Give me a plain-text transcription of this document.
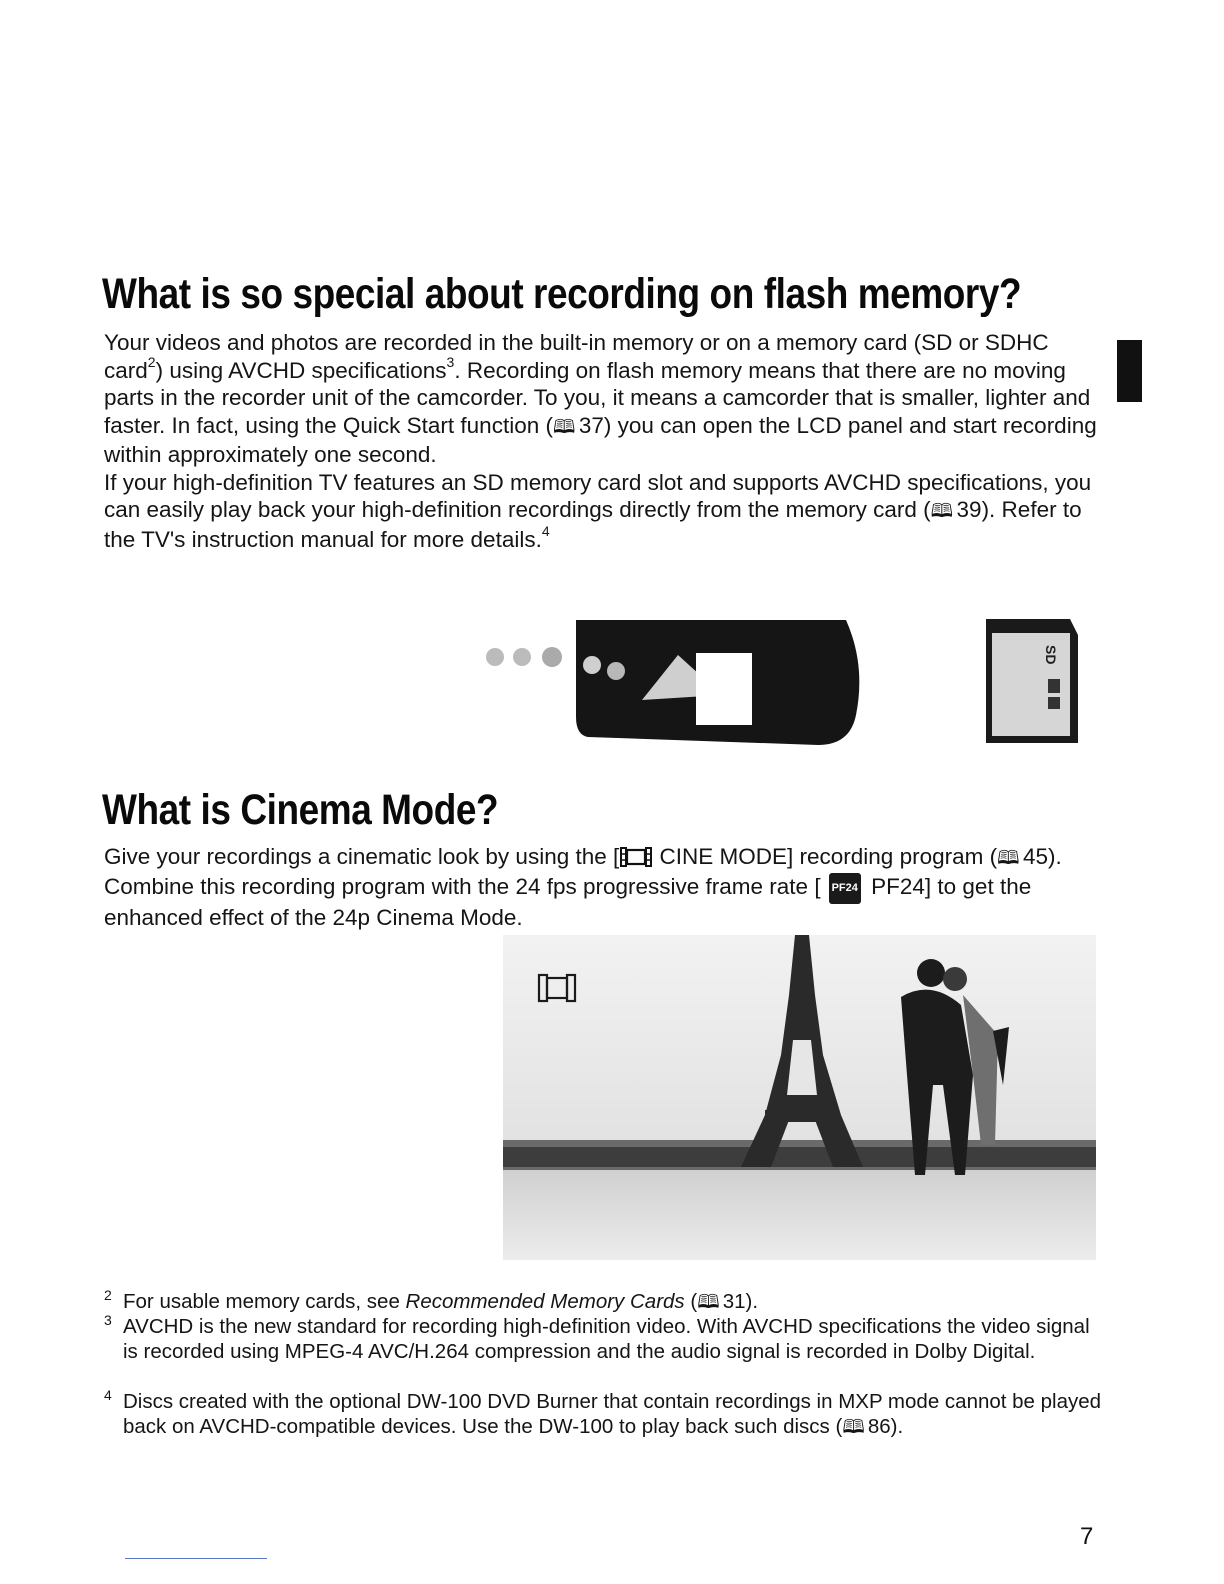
What is so special about recording on flash memory?

Your videos and photos are recorded in the built-in memory or on a memory card (SD or SDHC card$^2$) using AVCHD specifications$^3$. Recording on flash memory means that there are no moving parts in the recorder unit of the camcorder. To you, it means a camcorder that is smaller, lighter and faster. In fact, using the Quick Start function (🕮  37) you can open the LCD panel and start recording within approximately one second.
If your high-definition TV features an SD memory card slot and supports AVCHD specifications, you can easily play back your high-definition recordings directly from the memory card (🕮  39). Refer to the TV's instruction manual for more details.$^4$

SD
What is Cinema Mode?

Give your recordings a cinematic look by using the [ CINE MODE] recording program (🕮  45). Combine this recording program with the 24 fps progressive frame rate [ PF24 PF24] to get the enhanced effect of the 24p Cinema Mode.

2 For usable memory cards, see Recommended Memory Cards (🕮  31).

3 AVCHD is the new standard for recording high-definition video. With AVCHD specifications the video signal is recorded using MPEG-4 AVC/H.264 compression and the audio signal is recorded in Dolby Digital.

4 Discs created with the optional DW-100 DVD Burner that contain recordings in MXP mode cannot be played back on AVCHD-compatible devices. Use the DW-100 to play back such discs (🕮  86).

7
